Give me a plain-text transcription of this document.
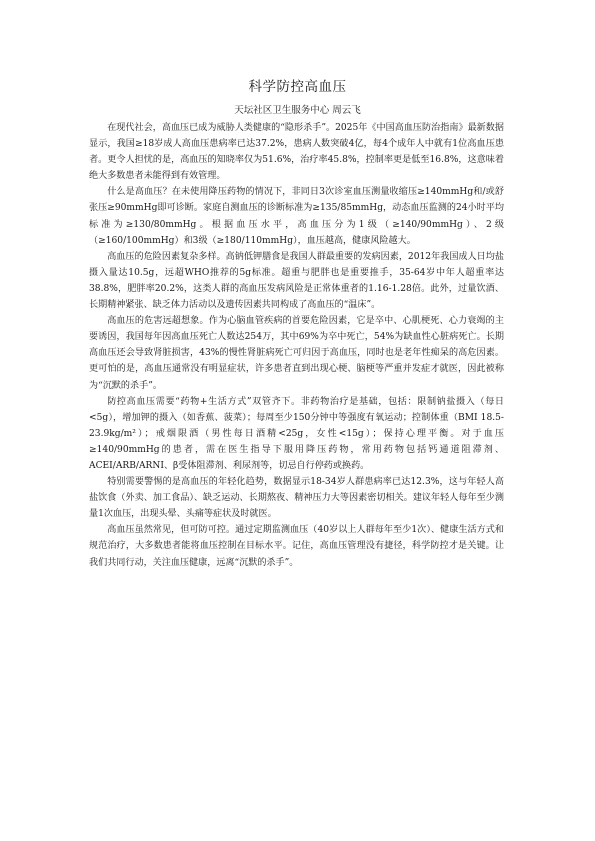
科学防控高血压
天坛社区卫生服务中心 周云飞

在现代社会，高血压已成为威胁人类健康的“隐形杀手”。2025年《中国高血压防治指南》最新数据显示，我国≥18岁成人高血压患病率已达37.2%，患病人数突破4亿，每4个成年人中就有1位高血压患者。更令人担忧的是，高血压的知晓率仅为51.6%，治疗率45.8%，控制率更是低至16.8%，这意味着绝大多数患者未能得到有效管理。

什么是高血压？在未使用降压药物的情况下，非同日3次诊室血压测量收缩压≥140mmHg和/或舒张压≥90mmHg即可诊断。家庭自测血压的诊断标准为≥135/85mmHg，动态血压监测的24小时平均标准为≥130/80mmHg。根据血压水平，高血压分为1级（≥140/90mmHg）、2级（≥160/100mmHg）和3级（≥180/110mmHg），血压越高，健康风险越大。

高血压的危险因素复杂多样。高钠低钾膳食是我国人群最重要的发病因素，2012年我国成人日均盐摄入量达10.5g，远超WHO推荐的5g标准。超重与肥胖也是重要推手，35-64岁中年人超重率达38.8%，肥胖率20.2%，这类人群的高血压发病风险是正常体重者的1.16-1.28倍。此外，过量饮酒、长期精神紧张、缺乏体力活动以及遗传因素共同构成了高血压的“温床”。

高血压的危害远超想象。作为心脑血管疾病的首要危险因素，它是卒中、心肌梗死、心力衰竭的主要诱因，我国每年因高血压死亡人数达254万，其中69%为卒中死亡，54%为缺血性心脏病死亡。长期高血压还会导致肾脏损害，43%的慢性肾脏病死亡可归因于高血压，同时也是老年性痴呆的高危因素。更可怕的是，高血压通常没有明显症状，许多患者直到出现心梗、脑梗等严重并发症才就医，因此被称为“沉默的杀手”。

防控高血压需要“药物+生活方式”双管齐下。非药物治疗是基础，包括：限制钠盐摄入（每日<5g），增加钾的摄入（如香蕉、菠菜）；每周至少150分钟中等强度有氧运动；控制体重（BMI 18.5-23.9kg/m²）；戒烟限酒（男性每日酒精<25g，女性<15g）；保持心理平衡。对于血压≥140/90mmHg的患者，需在医生指导下服用降压药物，常用药物包括钙通道阻滞剂、ACEI/ARB/ARNI、β受体阻滞剂、利尿剂等，切忌自行停药或换药。

特别需要警惕的是高血压的年轻化趋势，数据显示18-34岁人群患病率已达12.3%，这与年轻人高盐饮食（外卖、加工食品）、缺乏运动、长期熬夜、精神压力大等因素密切相关。建议年轻人每年至少测量1次血压，出现头晕、头痛等症状及时就医。

高血压虽然常见，但可防可控。通过定期监测血压（40岁以上人群每年至少1次）、健康生活方式和规范治疗，大多数患者能将血压控制在目标水平。记住，高血压管理没有捷径，科学防控才是关键。让我们共同行动，关注血压健康，远离“沉默的杀手”。
